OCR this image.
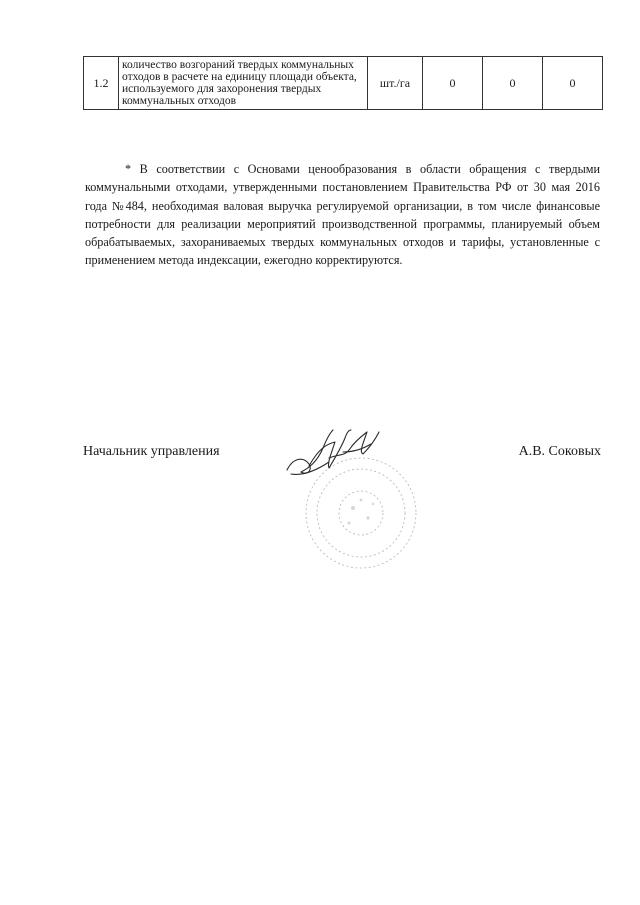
1.2	количество возгораний твердых коммунальных отходов в расчете на единицу площади объекта, используемого для захоронения твердых коммунальных отходов	шт./га	0	0	0

* В соответствии с Основами ценообразования в области обращения с твердыми коммунальными отходами, утвержденными постановлением Правительства РФ от 30 мая 2016 года №484, необходимая валовая выручка регулируемой организации, в том числе финансовые потребности для реализации мероприятий производственной программы, планируемый объем обрабатываемых, захораниваемых твердых коммунальных отходов и тарифы, установленные с применением метода индексации, ежегодно корректируются.

Начальник управления	А.В. Соковых
